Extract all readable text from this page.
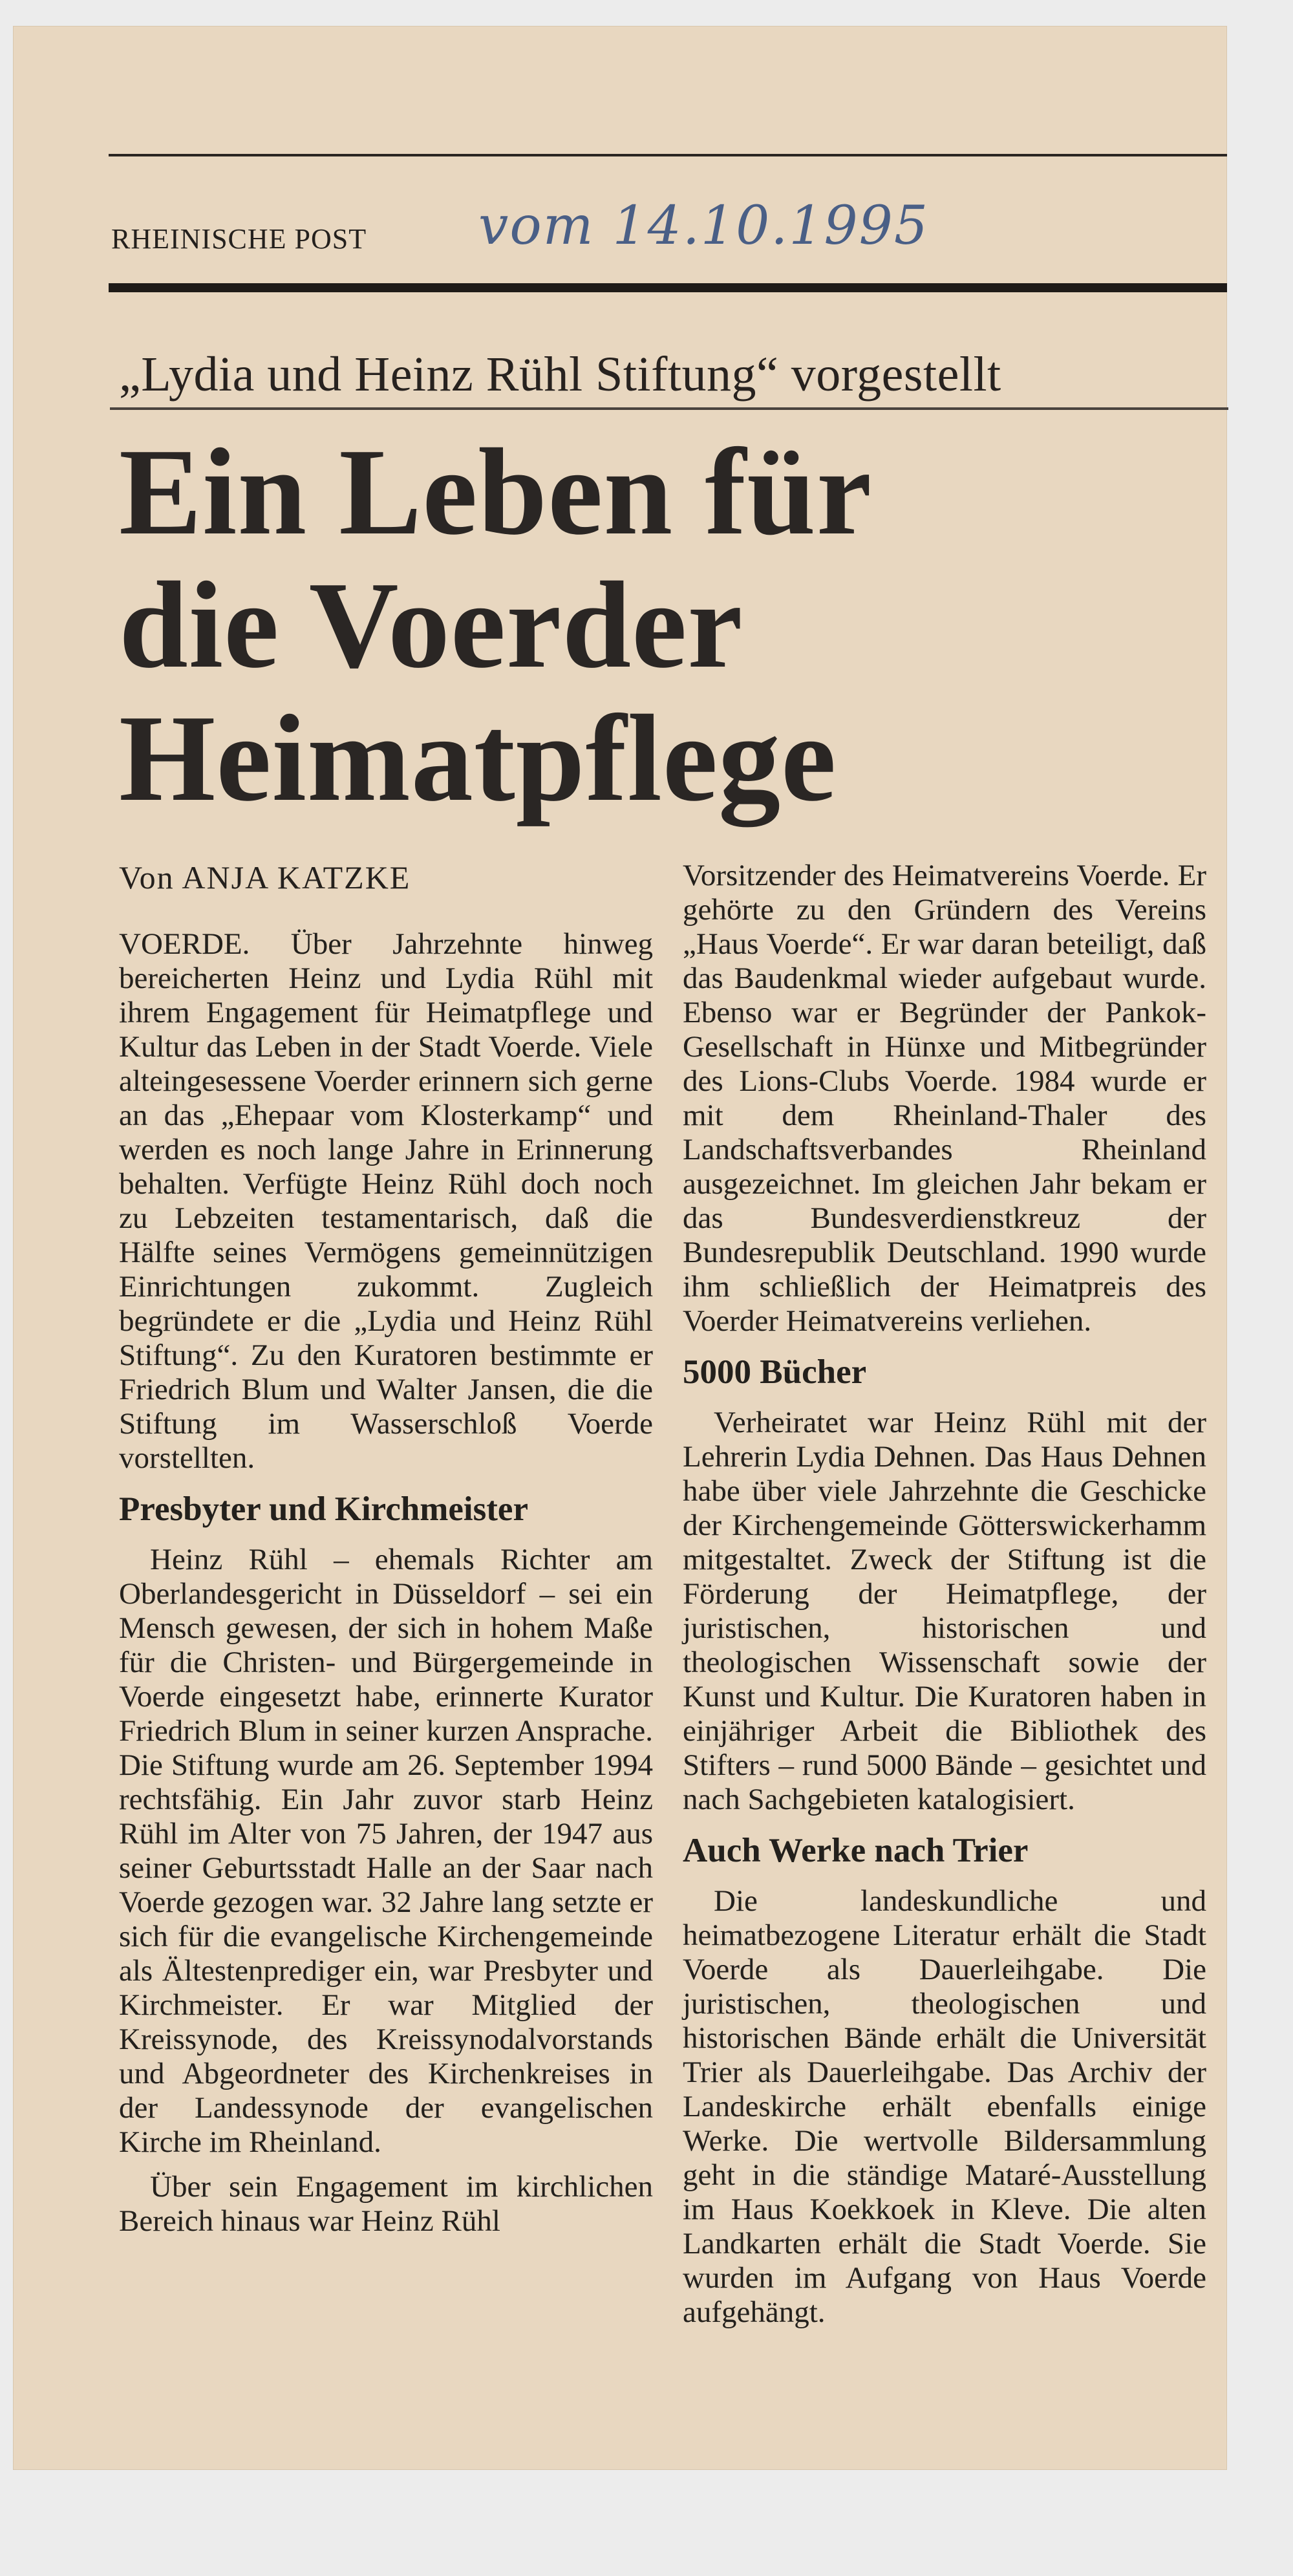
RHEINISCHE POST vom 14.10.1995
„Lydia und Heinz Rühl Stiftung“ vorgestellt
Ein Leben für
die Voerder
Heimatpflege
Von ANJA KATZKE

VOERDE. Über Jahrzehnte hinweg bereicherten Heinz und Lydia Rühl mit ihrem Engagement für Heimatpflege und Kultur das Leben in der Stadt Voerde. Viele alteingesessene Voerder erinnern sich gerne an das „Ehepaar vom Klosterkamp“ und werden es noch lange Jahre in Erinnerung behalten. Verfügte Heinz Rühl doch noch zu Lebzeiten testamentarisch, daß die Hälfte seines Vermögens gemeinnützigen Einrichtungen zukommt. Zugleich begründete er die „Lydia und Heinz Rühl Stiftung“. Zu den Kuratoren bestimmte er Friedrich Blum und Walter Jansen, die die Stiftung im Wasserschloß Voerde vorstellten.

Presbyter und Kirchmeister

Heinz Rühl – ehemals Richter am Oberlandesgericht in Düsseldorf – sei ein Mensch gewesen, der sich in hohem Maße für die Christen- und Bürgergemeinde in Voerde eingesetzt habe, erinnerte Kurator Friedrich Blum in seiner kurzen Ansprache. Die Stiftung wurde am 26. September 1994 rechtsfähig. Ein Jahr zuvor starb Heinz Rühl im Alter von 75 Jahren, der 1947 aus seiner Geburtsstadt Halle an der Saar nach Voerde gezogen war. 32 Jahre lang setzte er sich für die evangelische Kirchengemeinde als Ältestenprediger ein, war Presbyter und Kirchmeister. Er war Mitglied der Kreissynode, des Kreissynodalvorstands und Abgeordneter des Kirchenkreises in der Landessynode der evangelischen Kirche im Rheinland.

Über sein Engagement im kirchlichen Bereich hinaus war Heinz Rühl

Vorsitzender des Heimatvereins Voerde. Er gehörte zu den Gründern des Vereins „Haus Voerde“. Er war daran beteiligt, daß das Baudenkmal wieder aufgebaut wurde. Ebenso war er Begründer der Pankok-Gesellschaft in Hünxe und Mitbegründer des Lions-Clubs Voerde. 1984 wurde er mit dem Rheinland-Thaler des Landschaftsverbandes Rheinland ausgezeichnet. Im gleichen Jahr bekam er das Bundesverdienstkreuz der Bundesrepublik Deutschland. 1990 wurde ihm schließlich der Heimatpreis des Voerder Heimatvereins verliehen.

5000 Bücher

Verheiratet war Heinz Rühl mit der Lehrerin Lydia Dehnen. Das Haus Dehnen habe über viele Jahrzehnte die Geschicke der Kirchengemeinde Götterswickerhamm mitgestaltet. Zweck der Stiftung ist die Förderung der Heimatpflege, der juristischen, historischen und theologischen Wissenschaft sowie der Kunst und Kultur. Die Kuratoren haben in einjähriger Arbeit die Bibliothek des Stifters – rund 5000 Bände – gesichtet und nach Sachgebieten katalogisiert.

Auch Werke nach Trier

Die landeskundliche und heimatbezogene Literatur erhält die Stadt Voerde als Dauerleihgabe. Die juristischen, theologischen und historischen Bände erhält die Universität Trier als Dauerleihgabe. Das Archiv der Landeskirche erhält ebenfalls einige Werke. Die wertvolle Bildersammlung geht in die ständige Mataré-Ausstellung im Haus Koekkoek in Kleve. Die alten Landkarten erhält die Stadt Voerde. Sie wurden im Aufgang von Haus Voerde aufgehängt.
